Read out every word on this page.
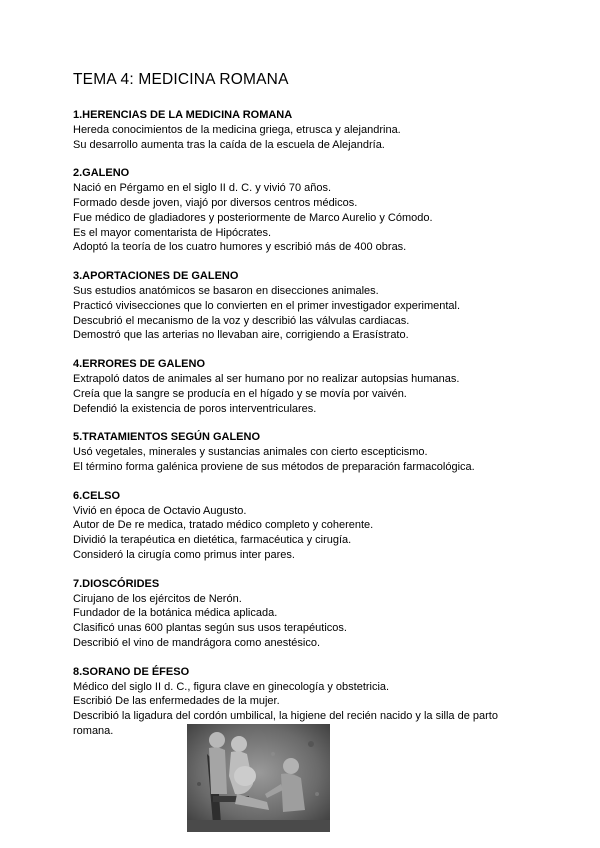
TEMA 4: MEDICINA ROMANA
1.HERENCIAS DE LA MEDICINA ROMANA

Hereda conocimientos de la medicina griega, etrusca y alejandrina.

Su desarrollo aumenta tras la caída de la escuela de Alejandría.

2.GALENO

Nació en Pérgamo en el siglo II d. C. y vivió 70 años.

Formado desde joven, viajó por diversos centros médicos.

Fue médico de gladiadores y posteriormente de Marco Aurelio y Cómodo.

Es el mayor comentarista de Hipócrates.

Adoptó la teoría de los cuatro humores y escribió más de 400 obras.

3.APORTACIONES DE GALENO

Sus estudios anatómicos se basaron en disecciones animales.

Practicó vivisecciones que lo convierten en el primer investigador experimental.

Descubrió el mecanismo de la voz y describió las válvulas cardiacas.

Demostró que las arterias no llevaban aire, corrigiendo a Erasístrato.

4.ERRORES DE GALENO

Extrapoló datos de animales al ser humano por no realizar autopsias humanas.

Creía que la sangre se producía en el hígado y se movía por vaivén.

Defendió la existencia de poros interventriculares.

5.TRATAMIENTOS SEGÚN GALENO

Usó vegetales, minerales y sustancias animales con cierto escepticismo.

El término forma galénica proviene de sus métodos de preparación farmacológica.

6.CELSO

Vivió en época de Octavio Augusto.

Autor de De re medica, tratado médico completo y coherente.

Dividió la terapéutica en dietética, farmacéutica y cirugía.

Consideró la cirugía como primus inter pares.

7.DIOSCÓRIDES

Cirujano de los ejércitos de Nerón.

Fundador de la botánica médica aplicada.

Clasificó unas 600 plantas según sus usos terapéuticos.

Describió el vino de mandrágora como anestésico.

8.SORANO DE ÉFESO

Médico del siglo II d. C., figura clave en ginecología y obstetricia.

Escribió De las enfermedades de la mujer.

Describió la ligadura del cordón umbilical, la higiene del recién nacido y la silla de parto romana.
